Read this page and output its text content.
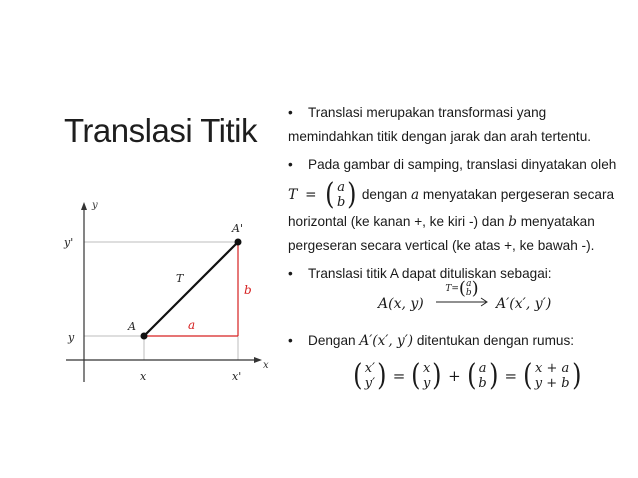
Translasi Titik
y
x
y'
y
x	x'
A
A'
T
a
b
• Translasi merupakan transformasi yang
memindahkan titik dengan jarak dan arah tertentu.
• Pada gambar di samping, translasi dinyatakan oleh
T = ( a
b ) dengan a menyatakan pergeseran secara
horizontal (ke kanan +, ke kiri -) dan b menyatakan
pergeseran secara vertical (ke atas +, ke bawah -).
• Translasi titik A dapat dituliskan sebagai:
A(x, y)
T= ( a
b )
A′(x′, y′)
• Dengan A′(x′, y′) ditentukan dengan rumus:
( x′
y′ ) = ( x
y ) + ( a
b ) = ( x + a
y + b )
